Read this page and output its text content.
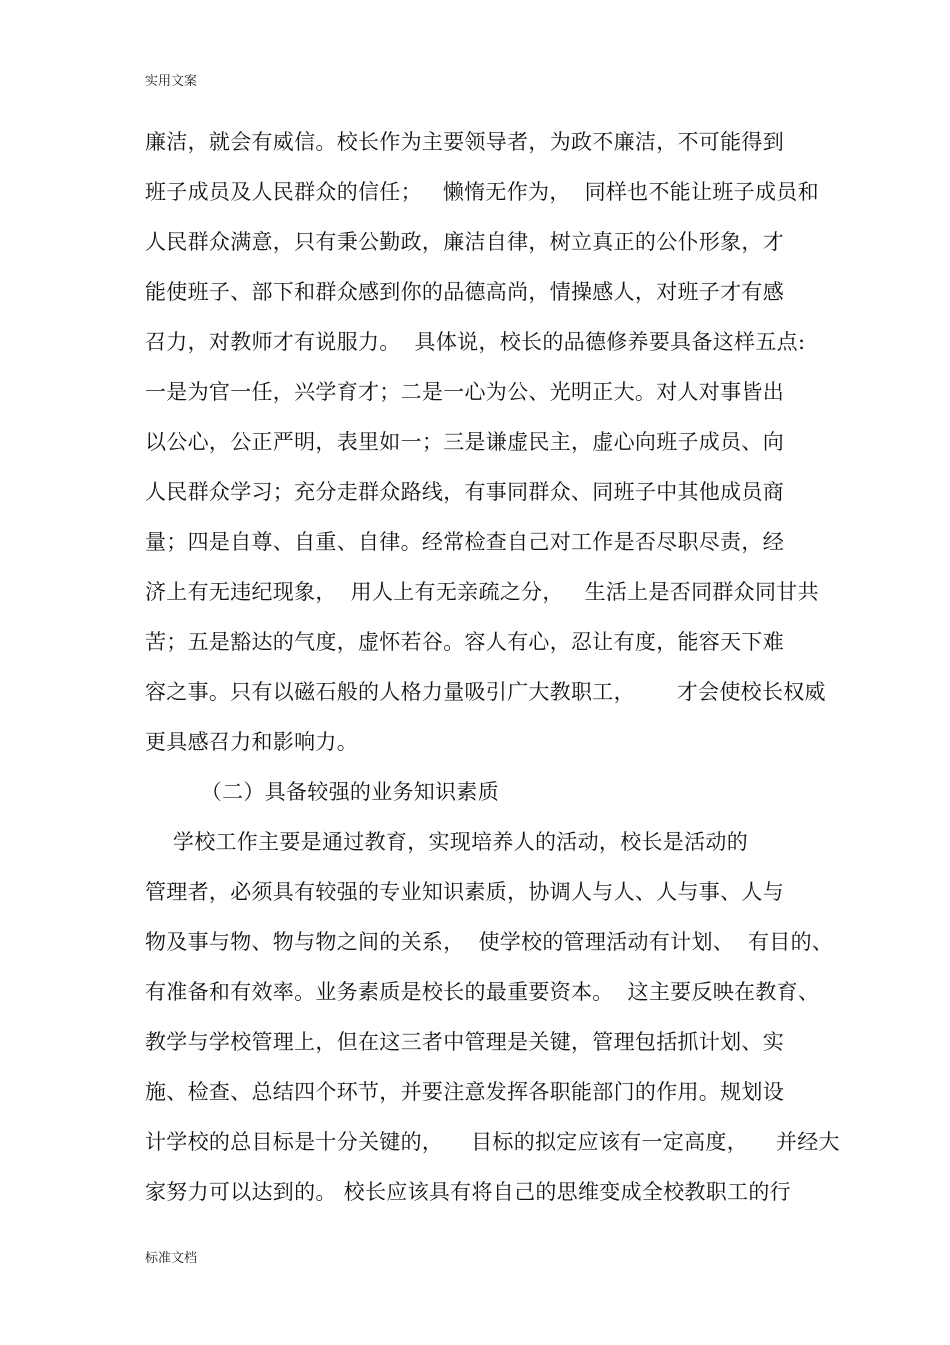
实用文案
廉洁，就会有威信。校长作为主要领导者，为政不廉洁，不可能得到
班子成员及人民群众的信任；   懒惰无作为，  同样也不能让班子成员和
人民群众满意，只有秉公勤政，廉洁自律，树立真正的公仆形象，才
能使班子、部下和群众感到你的品德高尚，情操感人，对班子才有感
召力，对教师才有说服力。  具体说，校长的品德修养要具备这样五点:
一是为官一任，兴学育才；二是一心为公、光明正大。对人对事皆出
以公心，公正严明，表里如一；三是谦虚民主，虚心向班子成员、向
人民群众学习；充分走群众路线，有事同群众、同班子中其他成员商
量；四是自尊、自重、自律。经常检查自己对工作是否尽职尽责，经
济上有无违纪现象，  用人上有无亲疏之分，   生活上是否同群众同甘共
苦；五是豁达的气度，虚怀若谷。容人有心，忍让有度，能容天下难
容之事。只有以磁石般的人格力量吸引广大教职工，      才会使校长权威
更具感召力和影响力。
（二）具备较强的业务知识素质
学校工作主要是通过教育，实现培养人的活动，校长是活动的
管理者，必须具有较强的专业知识素质，协调人与人、人与事、人与
物及事与物、物与物之间的关系，  使学校的管理活动有计划、  有目的、
有准备和有效率。业务素质是校长的最重要资本。  这主要反映在教育、
教学与学校管理上，但在这三者中管理是关键，管理包括抓计划、实
施、检查、总结四个环节，并要注意发挥各职能部门的作用。规划设
计学校的总目标是十分关键的，    目标的拟定应该有一定高度，    并经大
家努力可以达到的。 校长应该具有将自己的思维变成全校教职工的行
标准文档
